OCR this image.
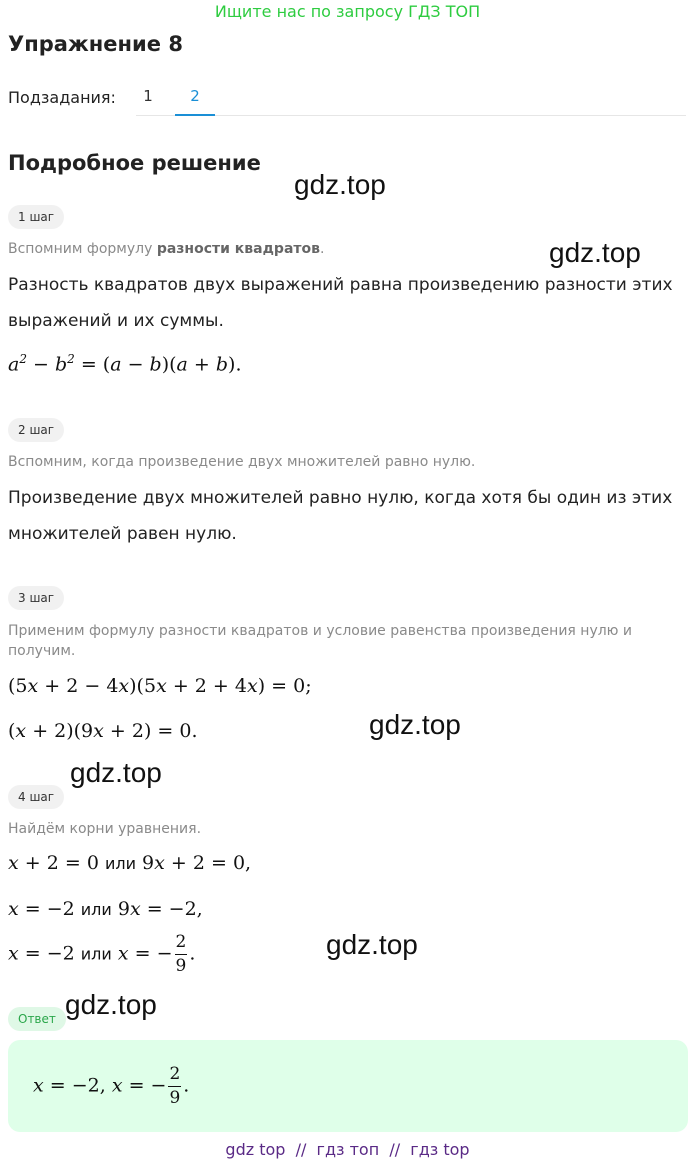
Ищите нас по запросу ГДЗ ТОП
Упражнение 8
Подзадания:	1	2
Подробное решение
1 шаг
Вспомним формулу разности квадратов.
Разность квадратов двух выражений равна произведению разности этих выражений и их суммы.
$a^2 - b^2 = (a - b)(a + b)$.
2 шаг
Вспомним, когда произведение двух множителей равно нулю.
Произведение двух множителей равно нулю, когда хотя бы один из этих множителей равен нулю.
3 шаг
Применим формулу разности квадратов и условие равенства произведения нулю и получим.
(5x + 2 − 4x)(5x + 2 + 4x) = 0;
(x + 2)(9x + 2) = 0.
4 шаг
Найдём корни уравнения.
x + 2 = 0 или 9x + 2 = 0,
x = −2 или 9x = −2,
x = −2 или x = − $\frac{2}{9}$ .
Ответ
x = −2, x = − $\frac{2}{9}$ .
gdz.top
gdz.top
gdz.top
gdz.top
gdz.top
gdz.top
gdz top  //  гдз топ  //  гдз top
